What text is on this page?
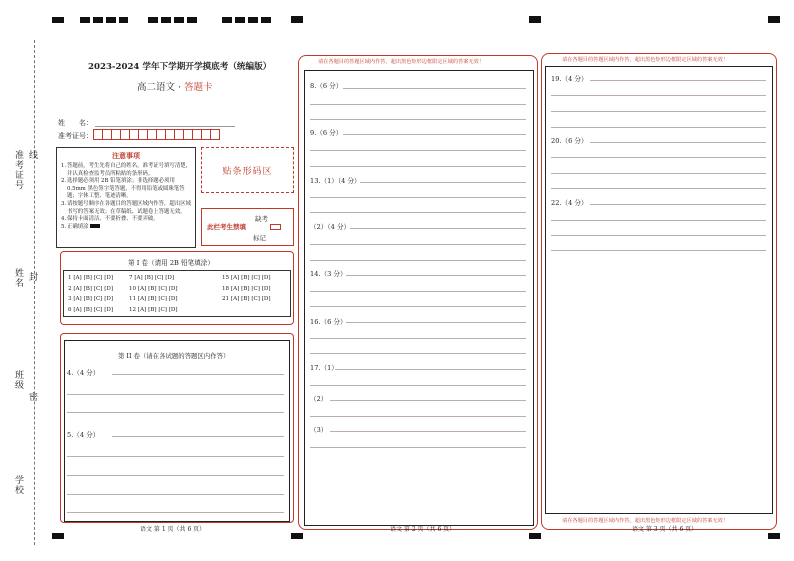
准考证号 线
姓名 封
班级
密
学校
2023-2024 学年下学期开学摸底考（统编版）
高二语文 · 答题卡
姓　　名：
准考证号：
注意事项
1. 答题前，考生先将自己的姓名，准考证号填写清楚，并认真检查监考员所粘贴的条形码。
2. 选择题必须用 2B 铅笔填涂；非选择题必须用 0.5mm 黑色签字笔答题，不得用铅笔或圆珠笔答题；字体工整、笔迹清晰。
3. 请按题号顺序在各题目的答题区域内作答，超出区域书写的答案无效；在草稿纸、试题卷上答题无效。
4. 保持卡面清洁，不要折叠、不要弄破。
5. 正确填涂
贴条形码区
此栏考生禁填
缺考
标记
第 I 卷（请用 2B 铅笔填涂）
1 [A] [B] [C] [D]
2 [A] [B] [C] [D]
3 [A] [B] [C] [D]
6 [A] [B] [C] [D]
7 [A] [B] [C] [D]
10 [A] [B] [C] [D]
11 [A] [B] [C] [D]
12 [A] [B] [C] [D]
15 [A] [B] [C] [D]
18 [A] [B] [C] [D]
21 [A] [B] [C] [D]
第 II 卷（请在各试题的答题区内作答）
4.（4 分）
5.（4 分）
语文 第 1 页（共 6 页）
请在各题目的答题区域内作答，超出黑色矩形边框限定区域的答案无效！
8.（6 分）
9.（6 分）
13.（1）（4 分）
（2）（4 分）
14.（3 分）
16.（6 分）
17.（1）
（2）
（3）
语文 第 2 页（共 6 页）
请在各题目的答题区域内作答，超出黑色矩形边框限定区域的答案无效！
19.（4 分）
20.（6 分）
22.（4 分）
请在各题目的答题区域内作答，超出黑色矩形边框限定区域的答案无效！
语文 第 3 页（共 6 页）
